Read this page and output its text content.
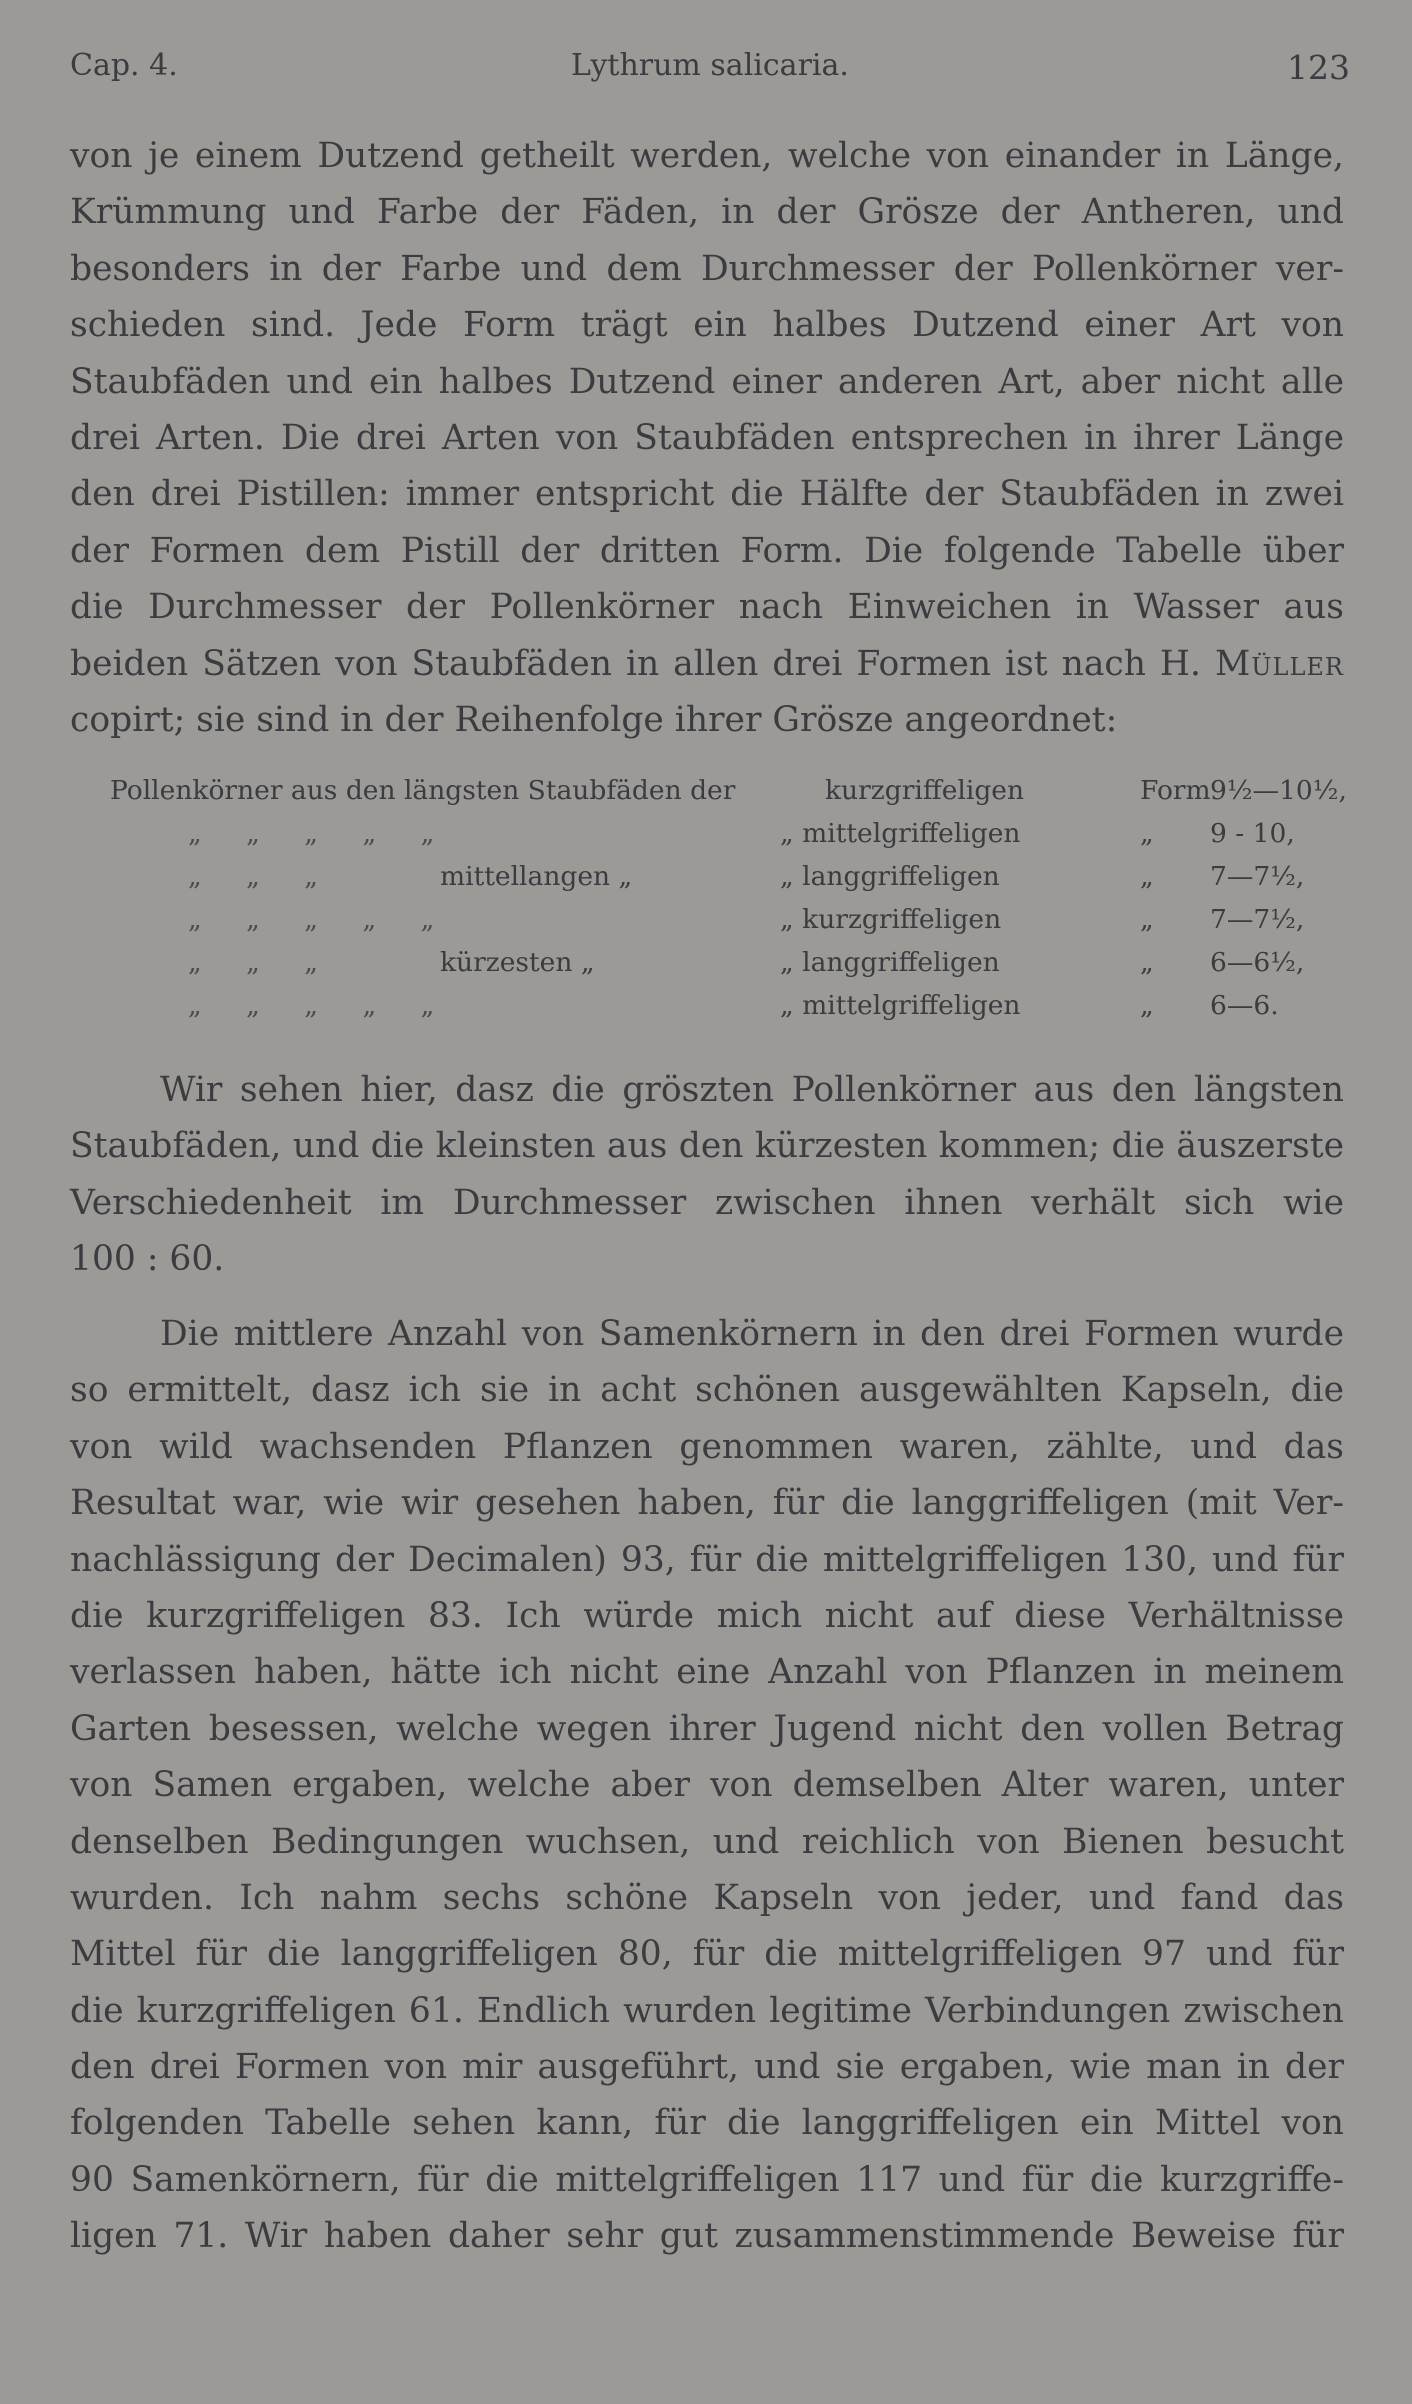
Cap. 4.	Lythrum salicaria.	123
von je einem Dutzend getheilt werden, welche von einander in Länge,
Krümmung und Farbe der Fäden, in der Grösze der Antheren, und
besonders in der Farbe und dem Durchmesser der Pollenkörner ver-
schieden sind. Jede Form trägt ein halbes Dutzend einer Art von
Staubfäden und ein halbes Dutzend einer anderen Art, aber nicht alle
drei Arten. Die drei Arten von Staubfäden entsprechen in ihrer Länge
den drei Pistillen: immer entspricht die Hälfte der Staubfäden in zwei
der Formen dem Pistill der dritten Form. Die folgende Tabelle über
die Durchmesser der Pollenkörner nach Einweichen in Wasser aus
beiden Sätzen von Staubfäden in allen drei Formen ist nach H. Müller
copirt; sie sind in der Reihenfolge ihrer Grösze angeordnet:
Pollenkörner aus den längsten Staubfäden der	kurzgriffeligen	Form 9½—10½,
„ „ „ „ „	„ mittelgriffeligen	„ 9 - 10,
„ „ „	mittellangen „	„ langgriffeligen	„ 7—7½,
„ „ „ „ „	„ kurzgriffeligen	„ 7—7½,
„ „ „	kürzesten „	„ langgriffeligen	„ 6—6½,
„ „ „ „ „	„ mittelgriffeligen	„ 6—6.
Wir sehen hier, dasz die gröszten Pollenkörner aus den längsten
Staubfäden, und die kleinsten aus den kürzesten kommen; die äuszerste
Verschiedenheit im Durchmesser zwischen ihnen verhält sich wie
100 : 60.
Die mittlere Anzahl von Samenkörnern in den drei Formen wurde
so ermittelt, dasz ich sie in acht schönen ausgewählten Kapseln, die
von wild wachsenden Pflanzen genommen waren, zählte, und das
Resultat war, wie wir gesehen haben, für die langgriffeligen (mit Ver-
nachlässigung der Decimalen) 93, für die mittelgriffeligen 130, und für
die kurzgriffeligen 83. Ich würde mich nicht auf diese Verhältnisse
verlassen haben, hätte ich nicht eine Anzahl von Pflanzen in meinem
Garten besessen, welche wegen ihrer Jugend nicht den vollen Betrag
von Samen ergaben, welche aber von demselben Alter waren, unter
denselben Bedingungen wuchsen, und reichlich von Bienen besucht
wurden. Ich nahm sechs schöne Kapseln von jeder, und fand das
Mittel für die langgriffeligen 80, für die mittelgriffeligen 97 und für
die kurzgriffeligen 61. Endlich wurden legitime Verbindungen zwischen
den drei Formen von mir ausgeführt, und sie ergaben, wie man in der
folgenden Tabelle sehen kann, für die langgriffeligen ein Mittel von
90 Samenkörnern, für die mittelgriffeligen 117 und für die kurzgriffe-
ligen 71. Wir haben daher sehr gut zusammenstimmende Beweise für
